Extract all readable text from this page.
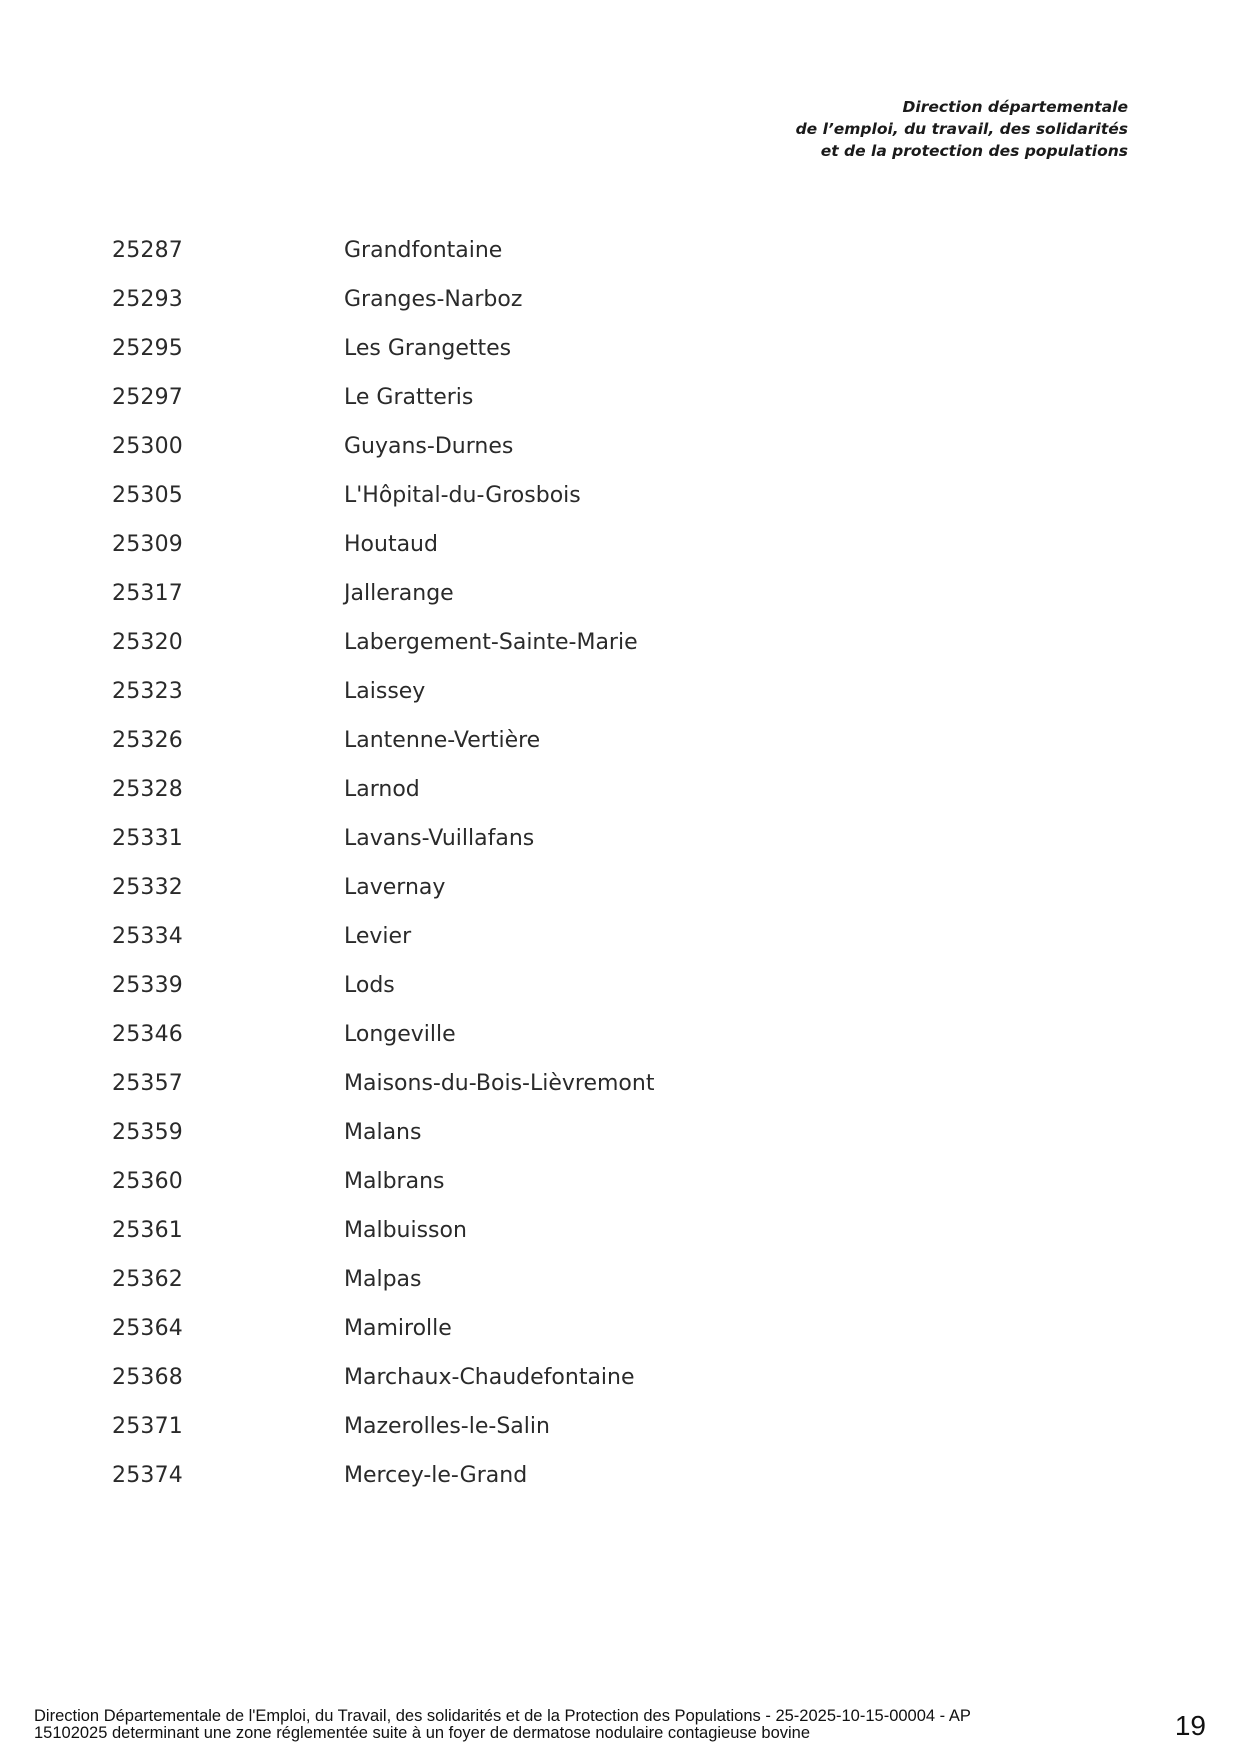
Direction départementale
de l’emploi, du travail, des solidarités
et de la protection des populations
25287	Grandfontaine
25293	Granges-Narboz
25295	Les Grangettes
25297	Le Gratteris
25300	Guyans-Durnes
25305	L'Hôpital-du-Grosbois
25309	Houtaud
25317	Jallerange
25320	Labergement-Sainte-Marie
25323	Laissey
25326	Lantenne-Vertière
25328	Larnod
25331	Lavans-Vuillafans
25332	Lavernay
25334	Levier
25339	Lods
25346	Longeville
25357	Maisons-du-Bois-Lièvremont
25359	Malans
25360	Malbrans
25361	Malbuisson
25362	Malpas
25364	Mamirolle
25368	Marchaux-Chaudefontaine
25371	Mazerolles-le-Salin
25374	Mercey-le-Grand
Direction Départementale de l'Emploi, du Travail, des solidarités et de la Protection des Populations - 25-2025-10-15-00004 - AP
15102025 determinant une zone réglementée suite à un foyer de dermatose nodulaire contagieuse bovine	19
